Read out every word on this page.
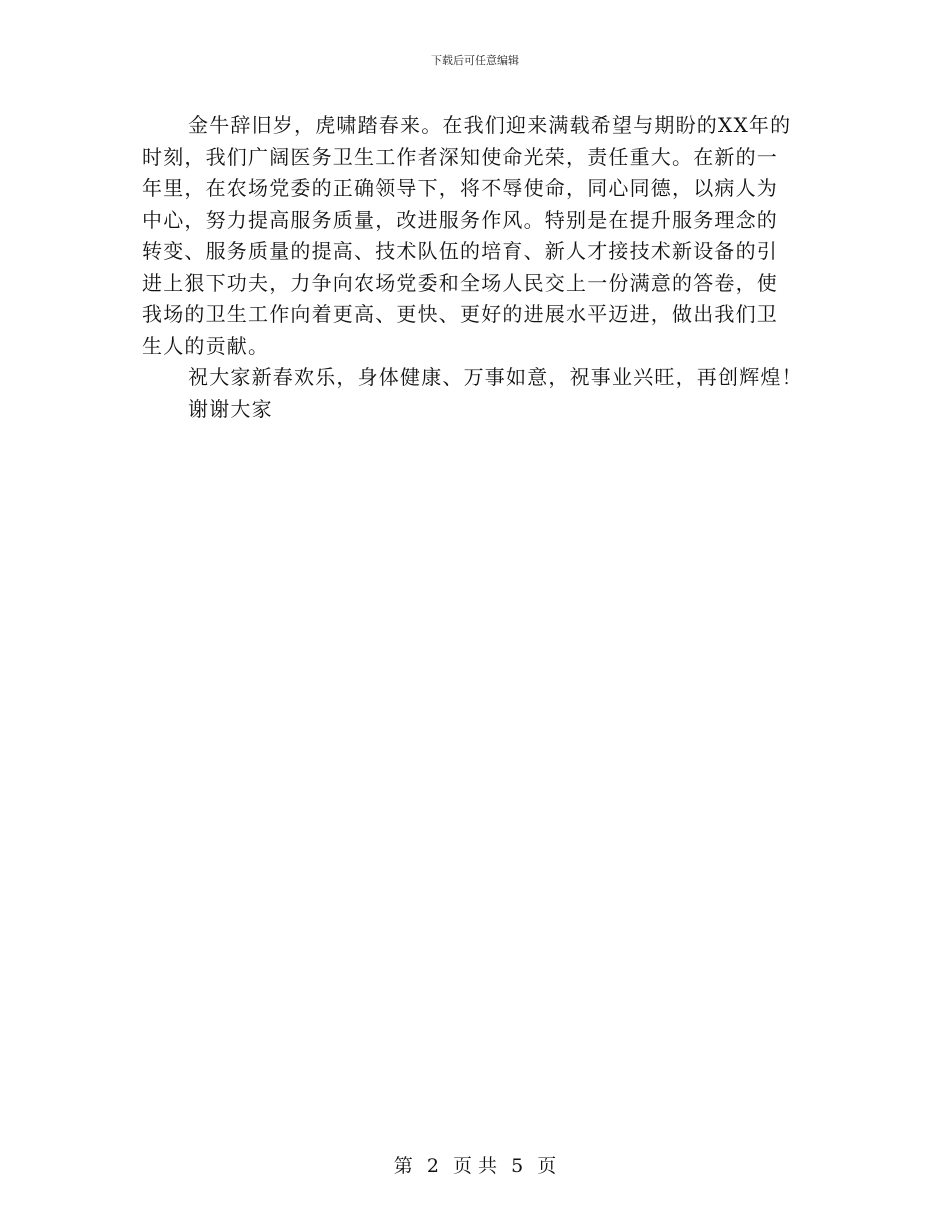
下载后可任意编辑
金牛辞旧岁，虎啸踏春来。在我们迎来满载希望与期盼的XX年的
时刻，我们广阔医务卫生工作者深知使命光荣，责任重大。在新的一
年里，在农场党委的正确领导下，将不辱使命，同心同德，以病人为
中心，努力提高服务质量，改进服务作风。特别是在提升服务理念的
转变、服务质量的提高、技术队伍的培育、新人才接技术新设备的引
进上狠下功夫，力争向农场党委和全场人民交上一份满意的答卷，使
我场的卫生工作向着更高、更快、更好的进展水平迈进，做出我们卫
生人的贡献。
祝大家新春欢乐，身体健康、万事如意，祝事业兴旺，再创辉煌！
谢谢大家
第 2 页 共 5 页
